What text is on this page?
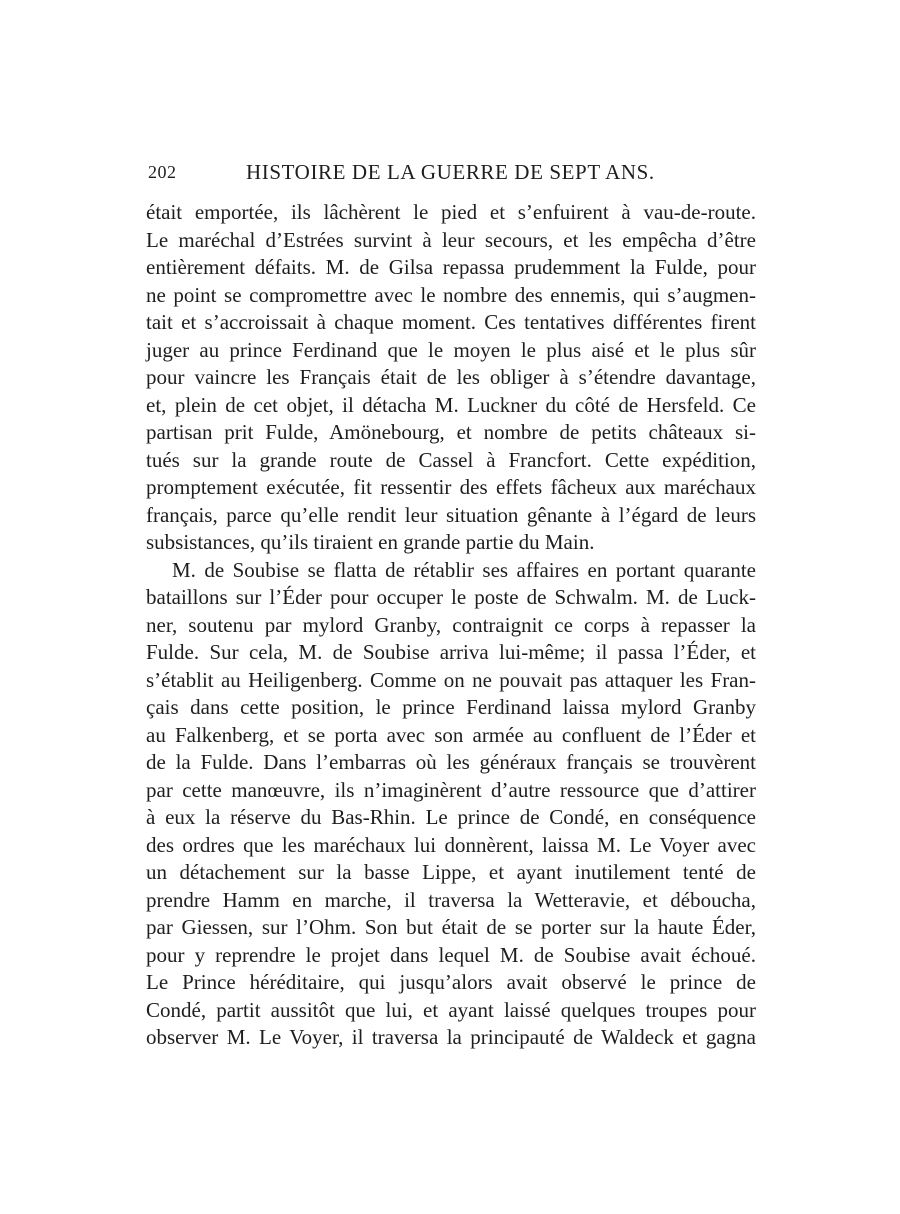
202	HISTOIRE DE LA GUERRE DE SEPT ANS.
était emportée, ils lâchèrent le pied et s’enfuirent à vau-de-route.
Le maréchal d’Estrées survint à leur secours, et les empêcha d’être
entièrement défaits. M. de Gilsa repassa prudemment la Fulde, pour
ne point se compromettre avec le nombre des ennemis, qui s’augmen-
tait et s’accroissait à chaque moment. Ces tentatives différentes firent
juger au prince Ferdinand que le moyen le plus aisé et le plus sûr
pour vaincre les Français était de les obliger à s’étendre davantage,
et, plein de cet objet, il détacha M. Luckner du côté de Hersfeld. Ce
partisan prit Fulde, Amönebourg, et nombre de petits châteaux si-
tués sur la grande route de Cassel à Francfort. Cette expédition,
promptement exécutée, fit ressentir des effets fâcheux aux maréchaux
français, parce qu’elle rendit leur situation gênante à l’égard de leurs
subsistances, qu’ils tiraient en grande partie du Main.
M. de Soubise se flatta de rétablir ses affaires en portant quarante
bataillons sur l’Éder pour occuper le poste de Schwalm. M. de Luck-
ner, soutenu par mylord Granby, contraignit ce corps à repasser la
Fulde. Sur cela, M. de Soubise arriva lui-même; il passa l’Éder, et
s’établit au Heiligenberg. Comme on ne pouvait pas attaquer les Fran-
çais dans cette position, le prince Ferdinand laissa mylord Granby
au Falkenberg, et se porta avec son armée au confluent de l’Éder et
de la Fulde. Dans l’embarras où les généraux français se trouvèrent
par cette manœuvre, ils n’imaginèrent d’autre ressource que d’attirer
à eux la réserve du Bas-Rhin. Le prince de Condé, en conséquence
des ordres que les maréchaux lui donnèrent, laissa M. Le Voyer avec
un détachement sur la basse Lippe, et ayant inutilement tenté de
prendre Hamm en marche, il traversa la Wetteravie, et déboucha,
par Giessen, sur l’Ohm. Son but était de se porter sur la haute Éder,
pour y reprendre le projet dans lequel M. de Soubise avait échoué.
Le Prince héréditaire, qui jusqu’alors avait observé le prince de
Condé, partit aussitôt que lui, et ayant laissé quelques troupes pour
observer M. Le Voyer, il traversa la principauté de Waldeck et gagna
